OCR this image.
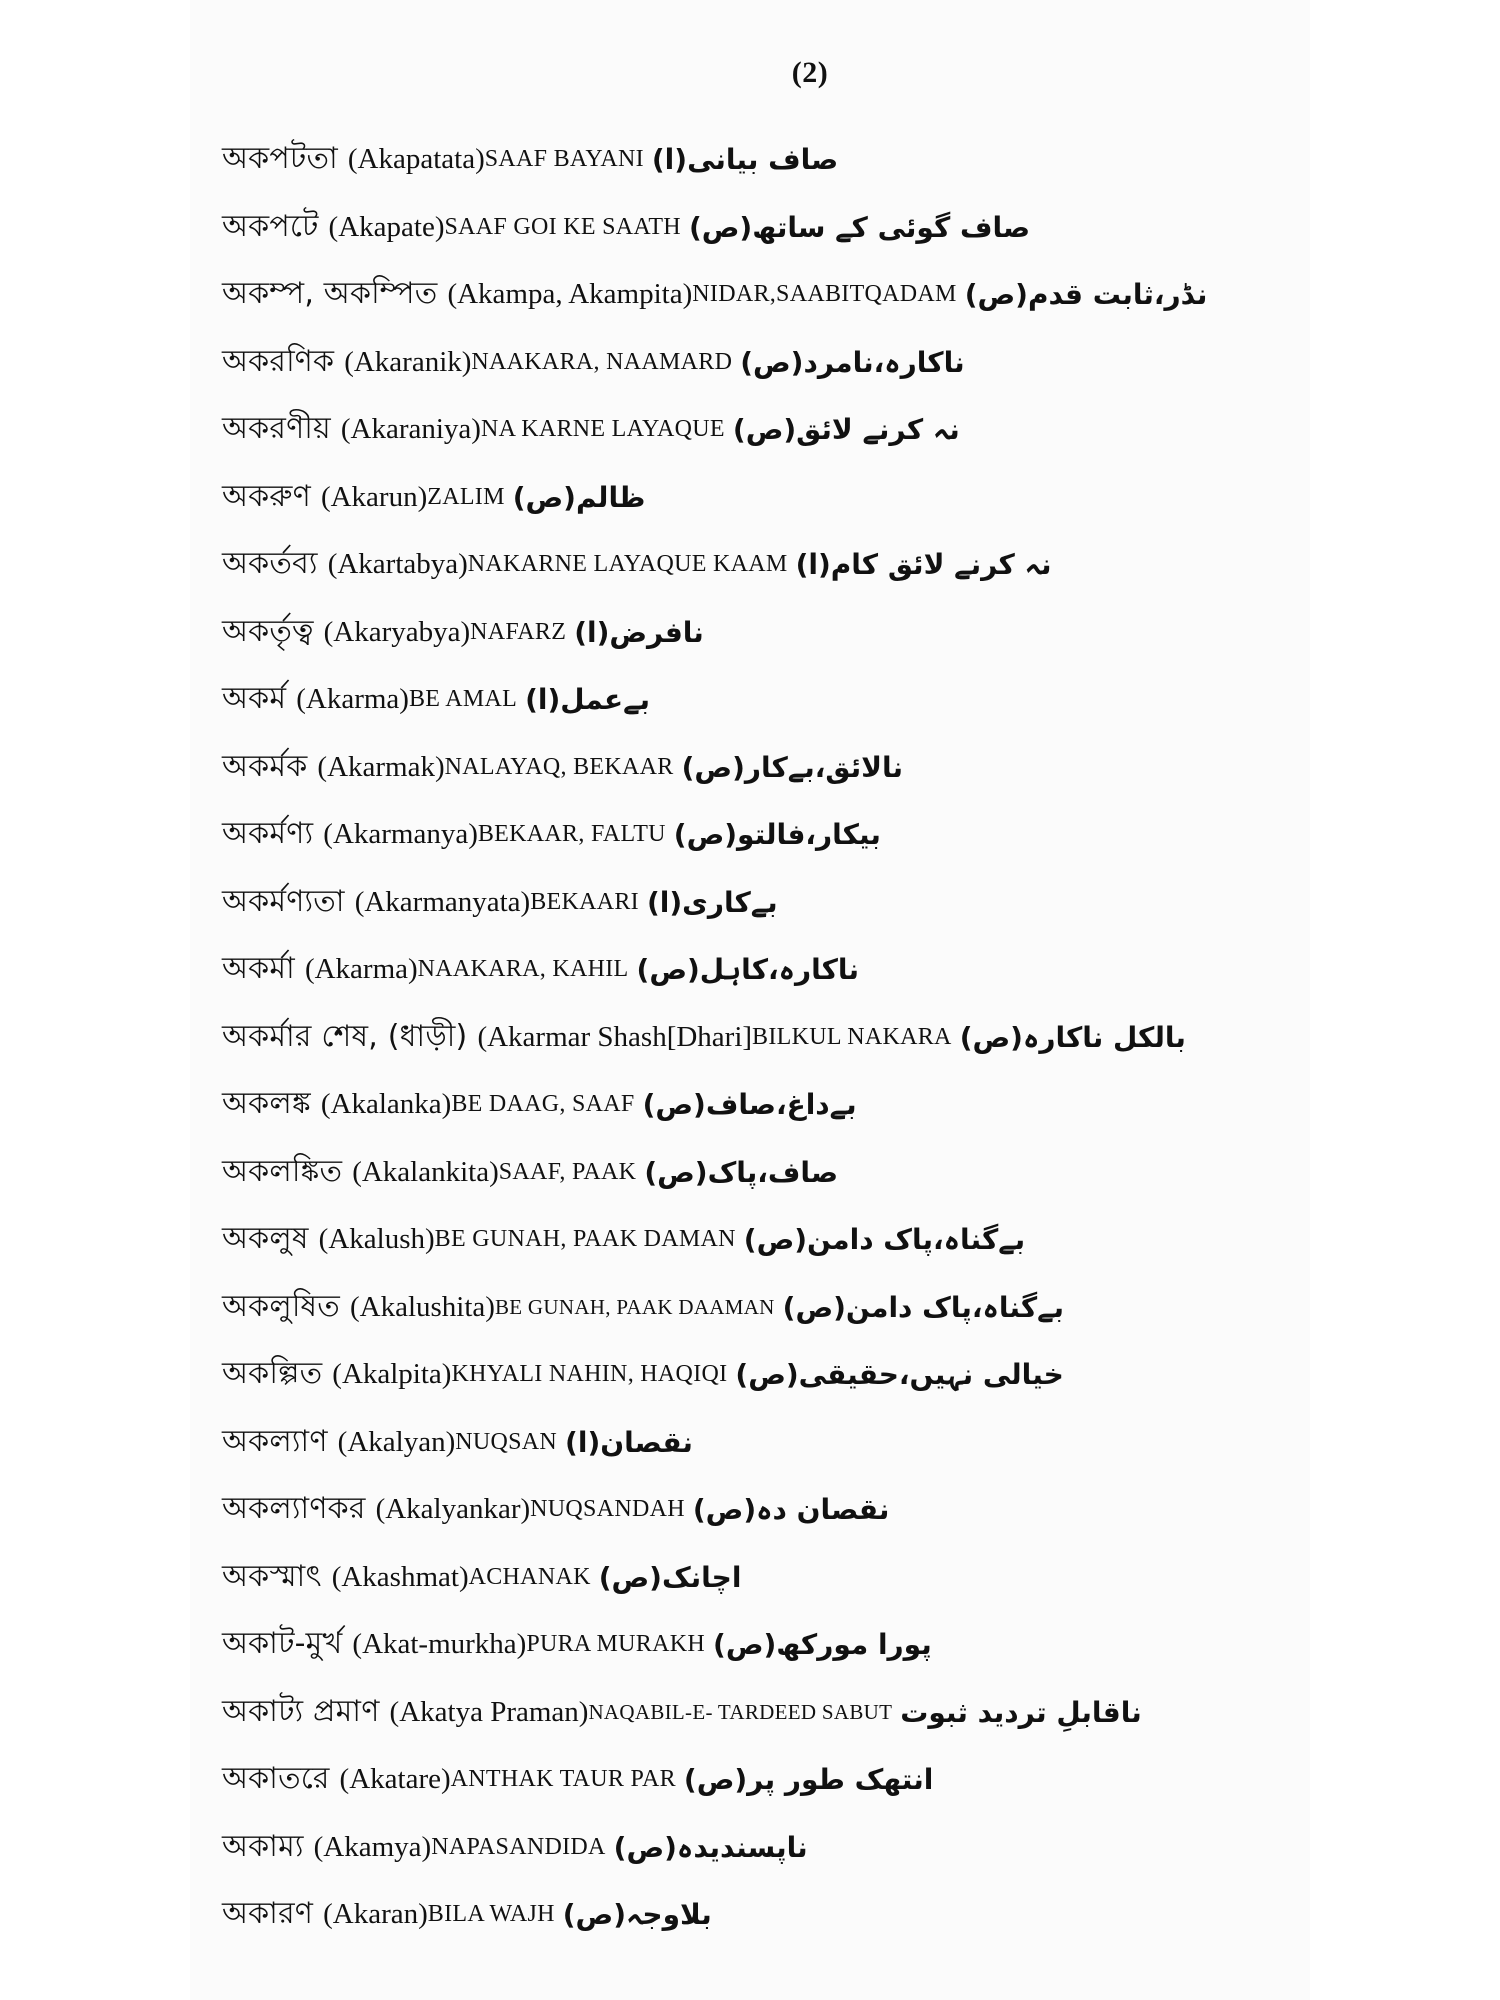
(2)
অকপটতা (Akapatata) SAAF BAYANI صاف بیانی(ا)
অকপটে (Akapate) SAAF GOI KE SAATH صاف گوئی کے ساتھ(ص)
অকম্প, অকম্পিত (Akampa, Akampita) NIDAR,SAABITQADAM نڈر،ثابت قدم(ص)
অকরণিক (Akaranik) NAAKARA, NAAMARD ناکارہ،نامرد(ص)
অকরণীয় (Akaraniya) NA KARNE LAYAQUE نہ کرنے لائق(ص)
অকরুণ (Akarun) ZALIM ظالم(ص)
অকর্তব্য (Akartabya) NAKARNE LAYAQUE KAAM نہ کرنے لائق کام(ا)
অকর্তৃত্ব (Akaryabya) NAFARZ نافرض(ا)
অকর্ম (Akarma) BE AMAL بےعمل(ا)
অকর্মক (Akarmak) NALAYAQ, BEKAAR نالائق،بےکار(ص)
অকর্মণ্য (Akarmanya) BEKAAR, FALTU بیکار،فالتو(ص)
অকর্মণ্যতা (Akarmanyata) BEKAARI بےکاری(ا)
অকর্মা (Akarma) NAAKARA, KAHIL ناکارہ،کاہل(ص)
অকর্মার শেষ, (ধাড়ী) (Akarmar Shash[Dhari] BILKUL NAKARA بالکل ناکارہ(ص)
অকলঙ্ক (Akalanka) BE DAAG, SAAF بےداغ،صاف(ص)
অকলঙ্কিত (Akalankita) SAAF, PAAK صاف،پاک(ص)
অকলুষ (Akalush) BE GUNAH, PAAK DAMAN بےگناہ،پاک دامن(ص)
অকলুষিত (Akalushita) BE GUNAH, PAAK DAAMAN بےگناہ،پاک دامن(ص)
অকল্পিত (Akalpita) KHYALI NAHIN, HAQIQI خیالی نہیں،حقیقی(ص)
অকল্যাণ (Akalyan) NUQSAN نقصان(ا)
অকল্যাণকর (Akalyankar) NUQSANDAH نقصان دہ(ص)
অকস্মাৎ (Akashmat) ACHANAK اچانک(ص)
অকাট-মুর্খ (Akat-murkha) PURA MURAKH پورا مورکھ(ص)
অকাট্য প্রমাণ (Akatya Praman) NAQABIL-E- TARDEED SABUT ناقابلِ تردید ثبوت
অকাতরে (Akatare) ANTHAK TAUR PAR انتھک طور پر(ص)
অকাম্য (Akamya) NAPASANDIDA ناپسندیدہ(ص)
অকারণ (Akaran) BILA WAJH بلاوجہ(ص)
